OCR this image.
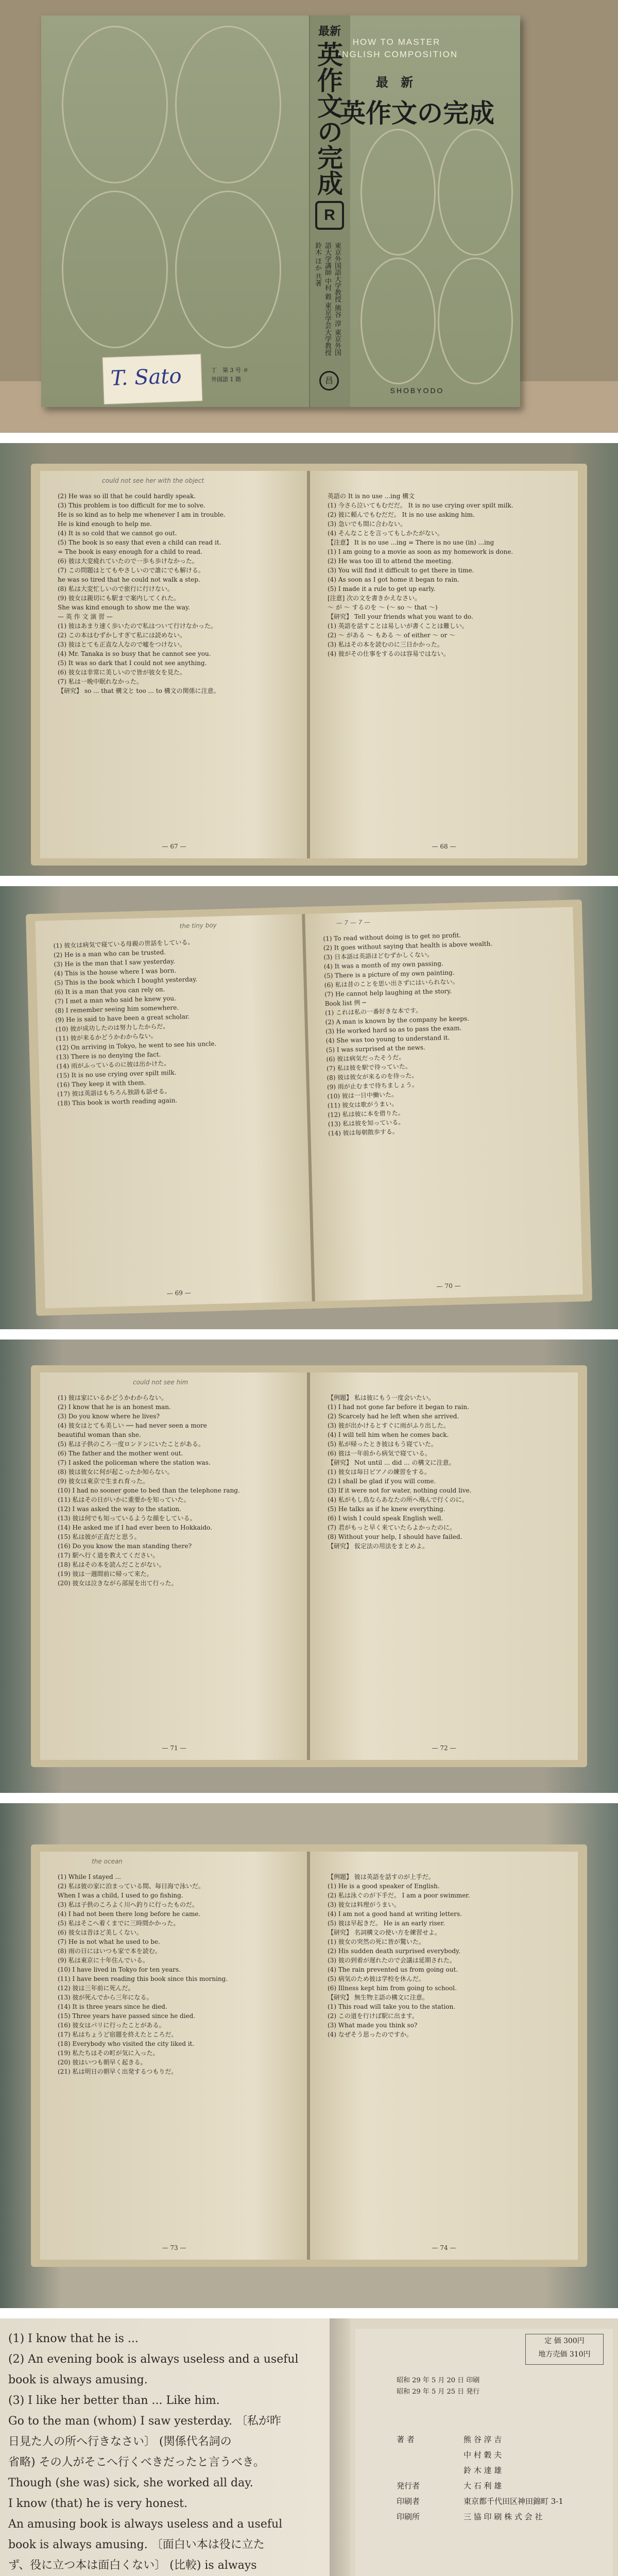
T. Sato	丁　第 3 号 ＃
外国語 1 階
HOW TO MASTER ENGLISH COMPOSITION
最 新
英作文の完成
SHOBYODO
最新
英作文の完成
R
東京外国語大学教授 熊谷 淳 東京外国語大学講師 中村 穀 東京学芸大学教授 鈴木 ほか 共著
昌
could not see her with the object
(2) He was so ill that he could hardly speak.
(3) This problem is too difficult for me to solve.
He is so kind as to help me whenever I am in trouble.
He is kind enough to help me.
(4) It is so cold that we cannot go out.
(5) The book is so easy that even a child can read it.
= The book is easy enough for a child to read.
(6) 彼は大変疲れていたので一歩も歩けなかった。
(7) この問題はとてもやさしいので誰にでも解ける。
he was so tired that he could not walk a step.
(8) 私は大変忙しいので旅行に行けない。
(9) 彼女は親切にも駅まで案内してくれた。
She was kind enough to show me the way.
— 英 作 文 演 習 —
(1) 彼はあまり速く歩いたので私はついて行けなかった。
(2) この本はむずかしすぎて私には読めない。
(3) 彼はとても正直な人なので嘘をつけない。
(4) Mr. Tanaka is so busy that he cannot see you.
(5) It was so dark that I could not see anything.
(6) 彼女は非常に美しいので皆が彼女を見た。
(7) 私は一晩中眠れなかった。
【研究】 so ... that 構文と too ... to 構文の関係に注意。
— 67 —
英語の It is no use ...ing 構文
(1) 今さら泣いてもむだだ。 It is no use crying over spilt milk.
(2) 彼に頼んでもむだだ。 It is no use asking him.
(3) 急いでも間に合わない。
(4) そんなことを言ってもしかたがない。
【注意】 It is no use ...ing = There is no use (in) ...ing
(1) I am going to a movie as soon as my homework is done.
(2) He was too ill to attend the meeting.
(3) You will find it difficult to get there in time.
(4) As soon as I got home it began to rain.
(5) I made it a rule to get up early.
[注意] 次の文を書きかえなさい。
～ が ～ するのを ～ (〜 so 〜 that 〜)
【研究】 Tell your friends what you want to do.
(1) 英語を話すことは易しいが書くことは難しい。
(2) ～ がある ～ もある ～ of either ～ or ～
(3) 私はその本を読むのに三日かかった。
(4) 彼がその仕事をするのは容易ではない。
— 68 —
the tiny boy
(1) 彼女は病気で寝ている母親の世話をしている。
(2) He is a man who can be trusted.
(3) He is the man that I saw yesterday.
(4) This is the house where I was born.
(5) This is the book which I bought yesterday.
(6) It is a man that you can rely on.
(7) I met a man who said he knew you.
(8) I remember seeing him somewhere.
(9) He is said to have been a great scholar.
(10) 彼が成功したのは努力したからだ。
(11) 彼が来るかどうかわからない。
(12) On arriving in Tokyo, he went to see his uncle.
(13) There is no denying the fact.
(14) 雨がふっているのに彼は出かけた。
(15) It is no use crying over spilt milk.
(16) They keep it with them.
(17) 彼は英語はもちろん独語も話せる。
(18) This book is worth reading again.
— 69 —
— 7 — 7 —
(1) To read without doing is to get no profit.
(2) It goes without saying that health is above wealth.
(3) 日本語は英語ほどむずかしくない。
(4) It was a month of my own passing.
(5) There is a picture of my own painting.
(6) 私は昔のことを思い出さずにはいられない。
(7) He cannot help laughing at the story.
Book list 例 ─
(1) これは私の一番好きな本です。
(2) A man is known by the company he keeps.
(3) He worked hard so as to pass the exam.
(4) She was too young to understand it.
(5) I was surprised at the news.
(6) 彼は病気だったそうだ。
(7) 私は彼を駅で待っていた。
(8) 彼は彼女が来るのを待った。
(9) 雨が止むまで待ちましょう。
(10) 彼は一日中働いた。
(11) 彼女は歌がうまい。
(12) 私は彼に本を借りた。
(13) 私は彼を知っている。
(14) 彼は毎朝散歩する。
— 70 —
could not see him
(1) 彼は家にいるかどうかわからない。
(2) I know that he is an honest man.
(3) Do you know where he lives?
(4) 彼女はとても美しい ── had never seen a more
beautiful woman than she.
(5) 私は子供のころ一度ロンドンにいたことがある。
(6) The father and the mother went out.
(7) I asked the policeman where the station was.
(8) 彼は彼女に何が起こったか知らない。
(9) 彼女は東京で生まれ育った。
(10) I had no sooner gone to bed than the telephone rang.
(11) 私はその日がいかに重要かを知っていた。
(12) I was asked the way to the station.
(13) 彼は何でも知っているような顔をしている。
(14) He asked me if I had ever been to Hokkaido.
(15) 私は彼が正直だと思う。
(16) Do you know the man standing there?
(17) 駅へ行く道を教えてください。
(18) 私はその本を読んだことがない。
(19) 彼は一週間前に帰って来た。
(20) 彼女は泣きながら部屋を出て行った。
— 71 —
【例題】 私は彼にもう一度会いたい。
(1) I had not gone far before it began to rain.
(2) Scarcely had he left when she arrived.
(3) 彼が出かけるとすぐに雨がふり出した。
(4) I will tell him when he comes back.
(5) 私が帰ったとき彼はもう寝ていた。
(6) 彼は一年前から病気で寝ている。
【研究】 Not until ... did ... の構文に注意。
(1) 彼女は毎日ピアノの練習をする。
(2) I shall be glad if you will come.
(3) If it were not for water, nothing could live.
(4) 私がもし鳥ならあなたの所へ飛んで行くのに。
(5) He talks as if he knew everything.
(6) I wish I could speak English well.
(7) 君がもっと早く来ていたらよかったのに。
(8) Without your help, I should have failed.
【研究】 仮定法の用法をまとめよ。
— 72 —
the ocean
(1) While I stayed ...
(2) 私は彼の家に泊まっている間、毎日海で泳いだ。
When I was a child, I used to go fishing.
(3) 私は子供のころよく川へ釣りに行ったものだ。
(4) I had not been there long before he came.
(5) 私はそこへ着くまでに三時間かかった。
(6) 彼女は昔ほど美しくない。
(7) He is not what he used to be.
(8) 雨の日にはいつも家で本を読む。
(9) 私は東京に十年住んでいる。
(10) I have lived in Tokyo for ten years.
(11) I have been reading this book since this morning.
(12) 彼は三年前に死んだ。
(13) 彼が死んでから三年になる。
(14) It is three years since he died.
(15) Three years have passed since he died.
(16) 彼女はパリに行ったことがある。
(17) 私はちょうど宿題を終えたところだ。
(18) Everybody who visited the city liked it.
(19) 私たちはその町が気に入った。
(20) 彼はいつも朝早く起きる。
(21) 私は明日の朝早く出発するつもりだ。
— 73 —
【例題】 彼は英語を話すのが上手だ。
(1) He is a good speaker of English.
(2) 私は泳ぐのが下手だ。 I am a poor swimmer.
(3) 彼女は料理がうまい。
(4) I am not a good hand at writing letters.
(5) 彼は早起きだ。 He is an early riser.
【研究】 名詞構文の使い方を練習せよ。
(1) 彼女の突然の死に皆が驚いた。
(2) His sudden death surprised everybody.
(3) 彼の到着が遅れたので会議は延期された。
(4) The rain prevented us from going out.
(5) 病気のため彼は学校を休んだ。
(6) Illness kept him from going to school.
【研究】 無生物主語の構文に注意。
(1) This road will take you to the station.
(2) この道を行けば駅に出ます。
(3) What made you think so?
(4) なぜそう思ったのですか。
— 74 —
(1) I know that he is ...
(2) An evening book is always useless and a useful
book is always amusing.
(3) I like her better than ... Like him.
Go to the man (whom) I saw yesterday. 〔私が昨
日見た人の所へ行きなさい〕 (関係代名詞の
省略) その人がそこへ行くべきだったと言うべき。
Though (she was) sick, she worked all day.
I know (that) he is very honest.
An amusing book is always useless and a useful
book is always amusing. 〔面白い本は役に立た
ず、役に立つ本は面白くない〕 (比較) is always
定 価 300円
地方売価 310円
昭和 29 年 5 月 20 日 印刷
昭和 29 年 5 月 25 日 発行
著 者	熊 谷 淳 吉
中 村 穀 夫
鈴 木 達 雄
発行者	大 石 利 雄
印刷者	東京都千代田区神田錦町 3-1
印刷所	三 協 印 刷 株 式 会 社
